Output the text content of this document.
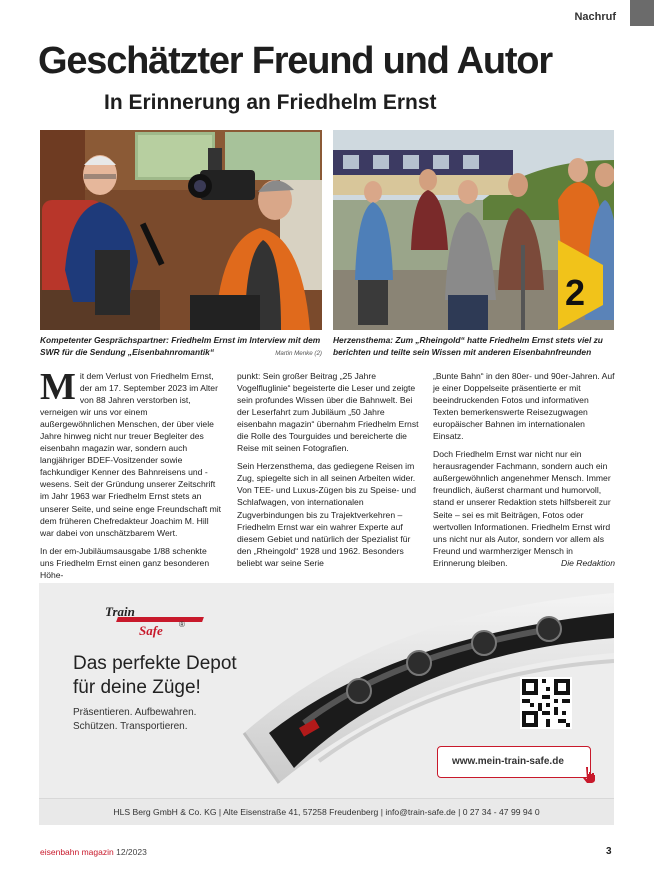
Nachruf
Geschätzter Freund und Autor
In Erinnerung an Friedhelm Ernst
2
Kompetenter Gesprächspartner: Friedhelm Ernst im Interview mit dem SWR für die Sendung „Eisenbahnromantik“	Martin Menke (2)
Herzensthema: Zum „Rheingold“ hatte Friedhelm Ernst stets viel zu berichten und teilte sein Wissen mit anderen Eisenbahnfreunden

Mit dem Verlust von Friedhelm Ernst, der am 17. September 2023 im Alter von 88 Jahren verstorben ist, verneigen wir uns vor einem außergewöhnlichen Menschen, der über viele Jahre hinweg nicht nur treuer Begleiter des eisenbahn magazin war, sondern auch langjähriger BDEF-Vositzender sowie fachkundiger Kenner des Bahnreisens und -wesens. Seit der Gründung unserer Zeitschrift im Jahr 1963 war Friedhelm Ernst stets an unserer Seite, und seine enge Freundschaft mit dem früheren Chefredakteur Joachim M. Hill war dabei von unschätzbarem Wert.

In der em-Jubiläumsausgabe 1/88 schenkte uns Friedhelm Ernst einen ganz besonderen Höhe-

punkt: Sein großer Beitrag „25 Jahre Vogelfluglinie“ begeisterte die Leser und zeigte sein profundes Wissen über die Bahnwelt. Bei der Leserfahrt zum Jubiläum „50 Jahre eisenbahn magazin“ übernahm Friedhelm Ernst die Rolle des Tourguides und bereicherte die Reise mit seinen Fotografien.

Sein Herzensthema, das gediegene Reisen im Zug, spiegelte sich in all seinen Arbeiten wider. Von TEE- und Luxus-Zügen bis zu Speise- und Schlafwagen, von internationalen Zugverbindungen bis zu Trajektverkehren – Friedhelm Ernst war ein wahrer Experte auf diesem Gebiet und natürlich der Spezialist für den „Rheingold“ 1928 und 1962. Besonders beliebt war seine Serie

„Bunte Bahn“ in den 80er- und 90er-Jahren. Auf je einer Doppelseite präsentierte er mit beeindruckenden Fotos und informativen Texten bemerkenswerte Reisezugwagen europäischer Bahnen im internationalen Einsatz.

Doch Friedhelm Ernst war nicht nur ein herausragender Fachmann, sondern auch ein außergewöhnlich angenehmer Mensch. Immer freundlich, äußerst charmant und humorvoll, stand er unserer Redaktion stets hilfsbereit zur Seite – sei es mit Beiträgen, Fotos oder wertvollen Informationen. Friedhelm Ernst wird uns nicht nur als Autor, sondern vor allem als Freund und warmherziger Mensch in Erinnerung bleiben.	Die Redaktion

Train
Safe ®
Das perfekte Depot
für deine Züge!
Präsentieren. Aufbewahren.
Schützen. Transportieren.
www.mein-train-safe.de
HLS Berg GmbH & Co. KG | Alte Eisenstraße 41, 57258 Freudenberg | info@train-safe.de | 0 27 34 - 47 99 94 0
eisenbahn magazin 12/2023	3
